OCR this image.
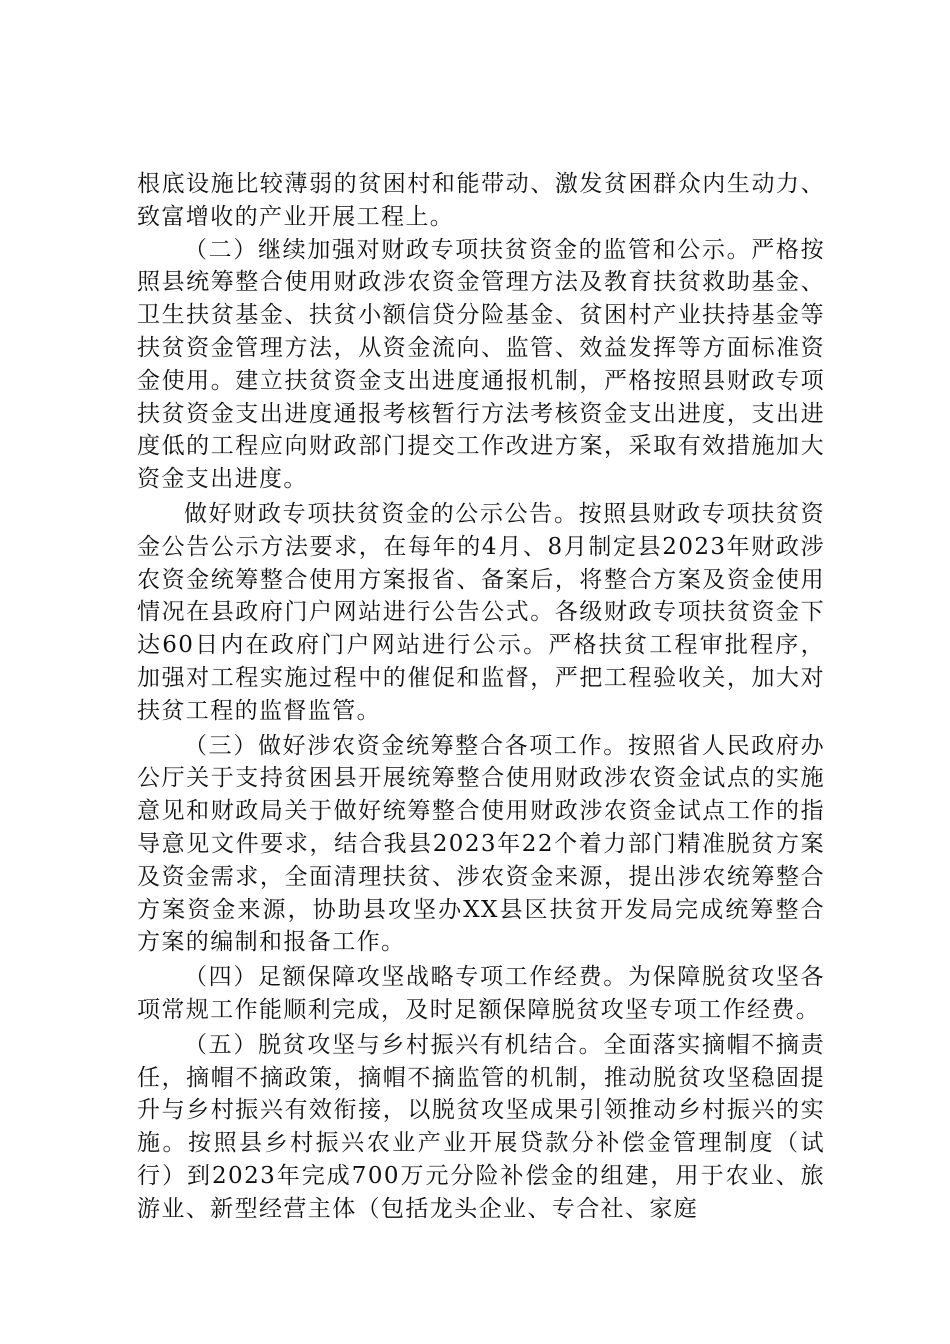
根底设施比较薄弱的贫困村和能带动、激发贫困群众内生动力、致富增收的产业开展工程上。

（二）继续加强对财政专项扶贫资金的监管和公示。严格按照县统筹整合使用财政涉农资金管理方法及教育扶贫救助基金、卫生扶贫基金、扶贫小额信贷分险基金、贫困村产业扶持基金等扶贫资金管理方法，从资金流向、监管、效益发挥等方面标准资金使用。建立扶贫资金支出进度通报机制，严格按照县财政专项扶贫资金支出进度通报考核暂行方法考核资金支出进度，支出进度低的工程应向财政部门提交工作改进方案，采取有效措施加大资金支出进度。

做好财政专项扶贫资金的公示公告。按照县财政专项扶贫资金公告公示方法要求，在每年的4月、8月制定县2023年财政涉农资金统筹整合使用方案报省、备案后，将整合方案及资金使用情况在县政府门户网站进行公告公式。各级财政专项扶贫资金下达60日内在政府门户网站进行公示。严格扶贫工程审批程序，加强对工程实施过程中的催促和监督，严把工程验收关，加大对扶贫工程的监督监管。

（三）做好涉农资金统筹整合各项工作。按照省人民政府办公厅关于支持贫困县开展统筹整合使用财政涉农资金试点的实施意见和财政局关于做好统筹整合使用财政涉农资金试点工作的指导意见文件要求，结合我县2023年22个着力部门精准脱贫方案及资金需求，全面清理扶贫、涉农资金来源，提出涉农统筹整合方案资金来源，协助县攻坚办XX县区扶贫开发局完成统筹整合方案的编制和报备工作。

（四）足额保障攻坚战略专项工作经费。为保障脱贫攻坚各项常规工作能顺利完成，及时足额保障脱贫攻坚专项工作经费。

（五）脱贫攻坚与乡村振兴有机结合。全面落实摘帽不摘责任，摘帽不摘政策，摘帽不摘监管的机制，推动脱贫攻坚稳固提升与乡村振兴有效衔接，以脱贫攻坚成果引领推动乡村振兴的实施。按照县乡村振兴农业产业开展贷款分补偿金管理制度（试行）到2023年完成700万元分险补偿金的组建，用于农业、旅游业、新型经营主体（包括龙头企业、专合社、家庭
